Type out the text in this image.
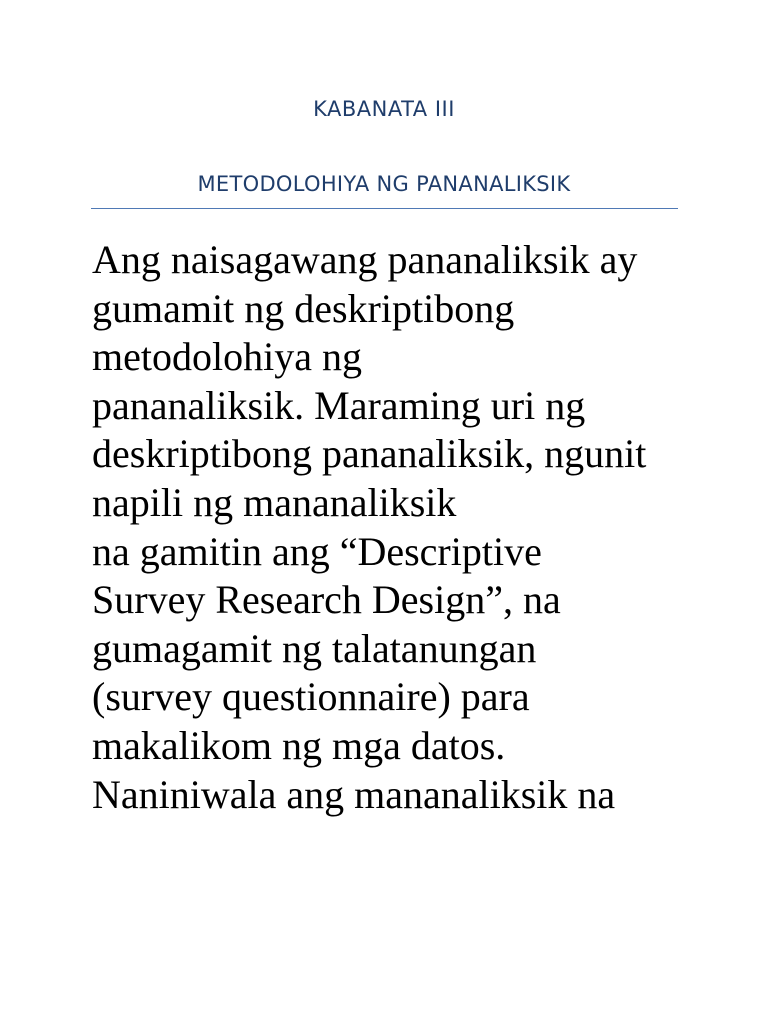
KABANATA III
METODOLOHIYA NG PANANALIKSIK
Ang naisagawang pananaliksik ay
gumamit ng deskriptibong
metodolohiya ng
pananaliksik. Maraming uri ng
deskriptibong pananaliksik, ngunit
napili ng mananaliksik
na gamitin ang “Descriptive
Survey Research Design”, na
gumagamit ng talatanungan
(survey questionnaire) para
makalikom ng mga datos.
Naniniwala ang mananaliksik na
